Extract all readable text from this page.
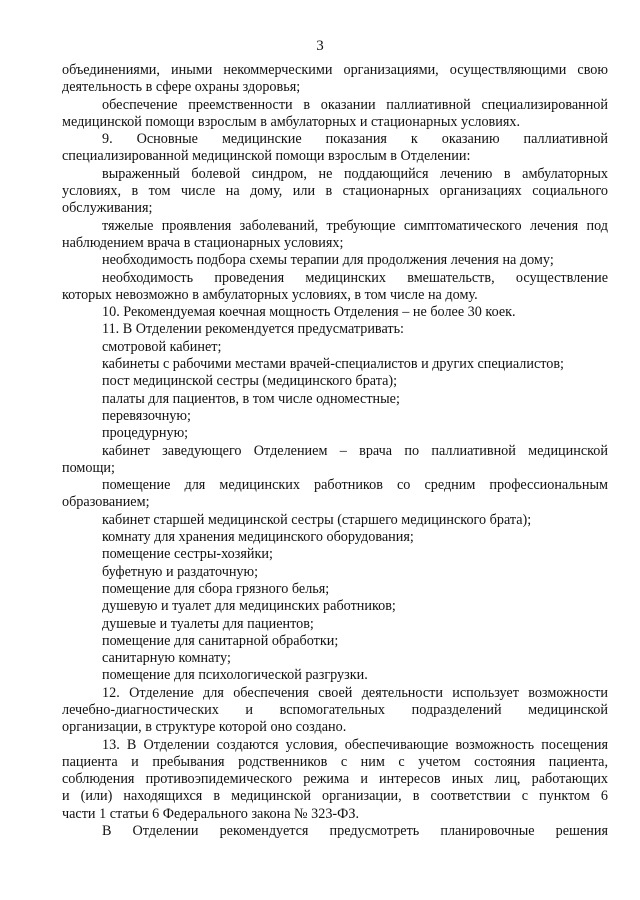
3
объединениями, иными некоммерческими организациями, осуществляющими свою
деятельность в сфере охраны здоровья;
обеспечение преемственности в оказании паллиативной специализированной
медицинской помощи взрослым в амбулаторных и стационарных условиях.
9. Основные медицинские показания к оказанию паллиативной
специализированной медицинской помощи взрослым в Отделении:
выраженный болевой синдром, не поддающийся лечению в амбулаторных
условиях, в том числе на дому, или в стационарных организациях социального
обслуживания;
тяжелые проявления заболеваний, требующие симптоматического лечения под
наблюдением врача в стационарных условиях;
необходимость подбора схемы терапии для продолжения лечения на дому;
необходимость проведения медицинских вмешательств, осуществление
которых невозможно в амбулаторных условиях, в том числе на дому.
10. Рекомендуемая коечная мощность Отделения – не более 30 коек.
11. В Отделении рекомендуется предусматривать:
смотровой кабинет;
кабинеты с рабочими местами врачей-специалистов и других специалистов;
пост медицинской сестры (медицинского брата);
палаты для пациентов, в том числе одноместные;
перевязочную;
процедурную;
кабинет заведующего Отделением – врача по паллиативной медицинской
помощи;
помещение для медицинских работников со средним профессиональным
образованием;
кабинет старшей медицинской сестры (старшего медицинского брата);
комнату для хранения медицинского оборудования;
помещение сестры-хозяйки;
буфетную и раздаточную;
помещение для сбора грязного белья;
душевую и туалет для медицинских работников;
душевые и туалеты для пациентов;
помещение для санитарной обработки;
санитарную комнату;
помещение для психологической разгрузки.
12. Отделение для обеспечения своей деятельности использует возможности
лечебно-диагностических и вспомогательных подразделений медицинской
организации, в структуре которой оно создано.
13. В Отделении создаются условия, обеспечивающие возможность посещения
пациента и пребывания родственников с ним с учетом состояния пациента,
соблюдения противоэпидемического режима и интересов иных лиц, работающих
и (или) находящихся в медицинской организации, в соответствии с пунктом 6
части 1 статьи 6 Федерального закона № 323-ФЗ.
В Отделении рекомендуется предусмотреть планировочные решения
